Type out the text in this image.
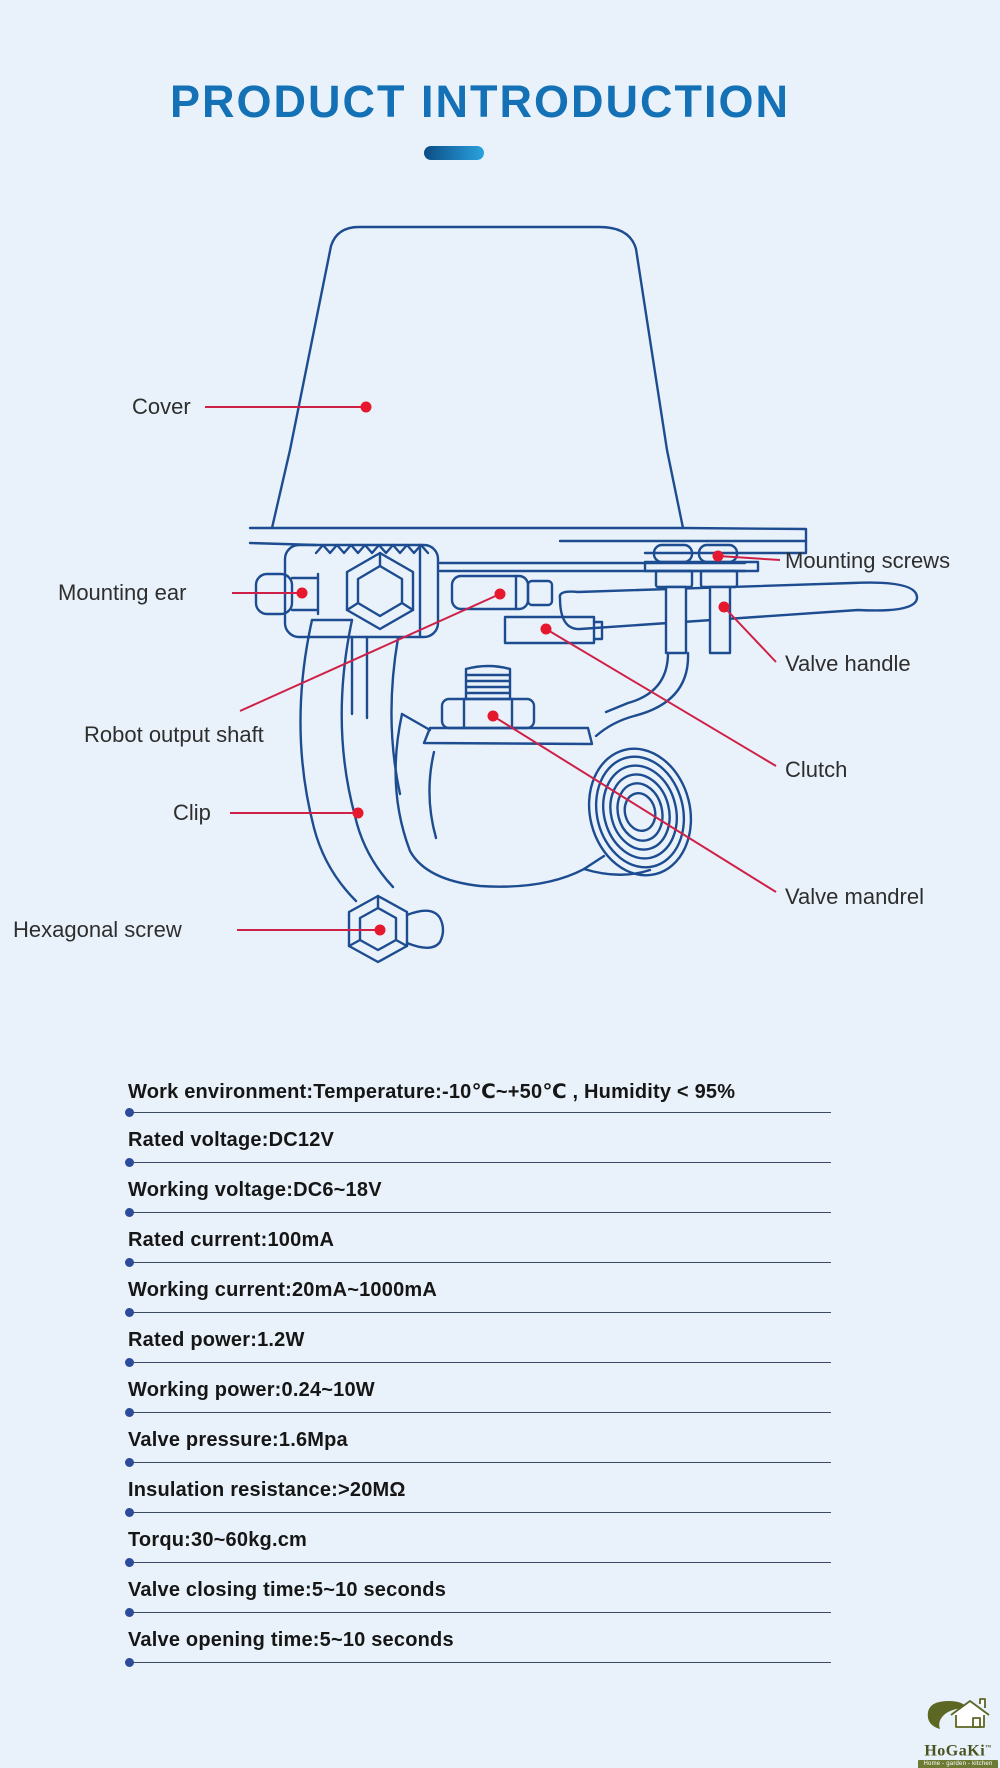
PRODUCT INTRODUCTION
Cover
Mounting ear
Robot output shaft
Clip
Hexagonal screw
Mounting screws
Valve handle
Clutch
Valve mandrel
Work environment:Temperature:-10℃~+50℃ , Humidity < 95%
Rated voltage:DC12V
Working voltage:DC6~18V
Rated current:100mA
Working current:20mA~1000mA
Rated power:1.2W
Working power:0.24~10W
Valve pressure:1.6Mpa
Insulation resistance:>20MΩ
Torqu:30~60kg.cm
Valve closing time:5~10 seconds
Valve opening time:5~10 seconds
HoGaKi™
Home - garden - kitchen
